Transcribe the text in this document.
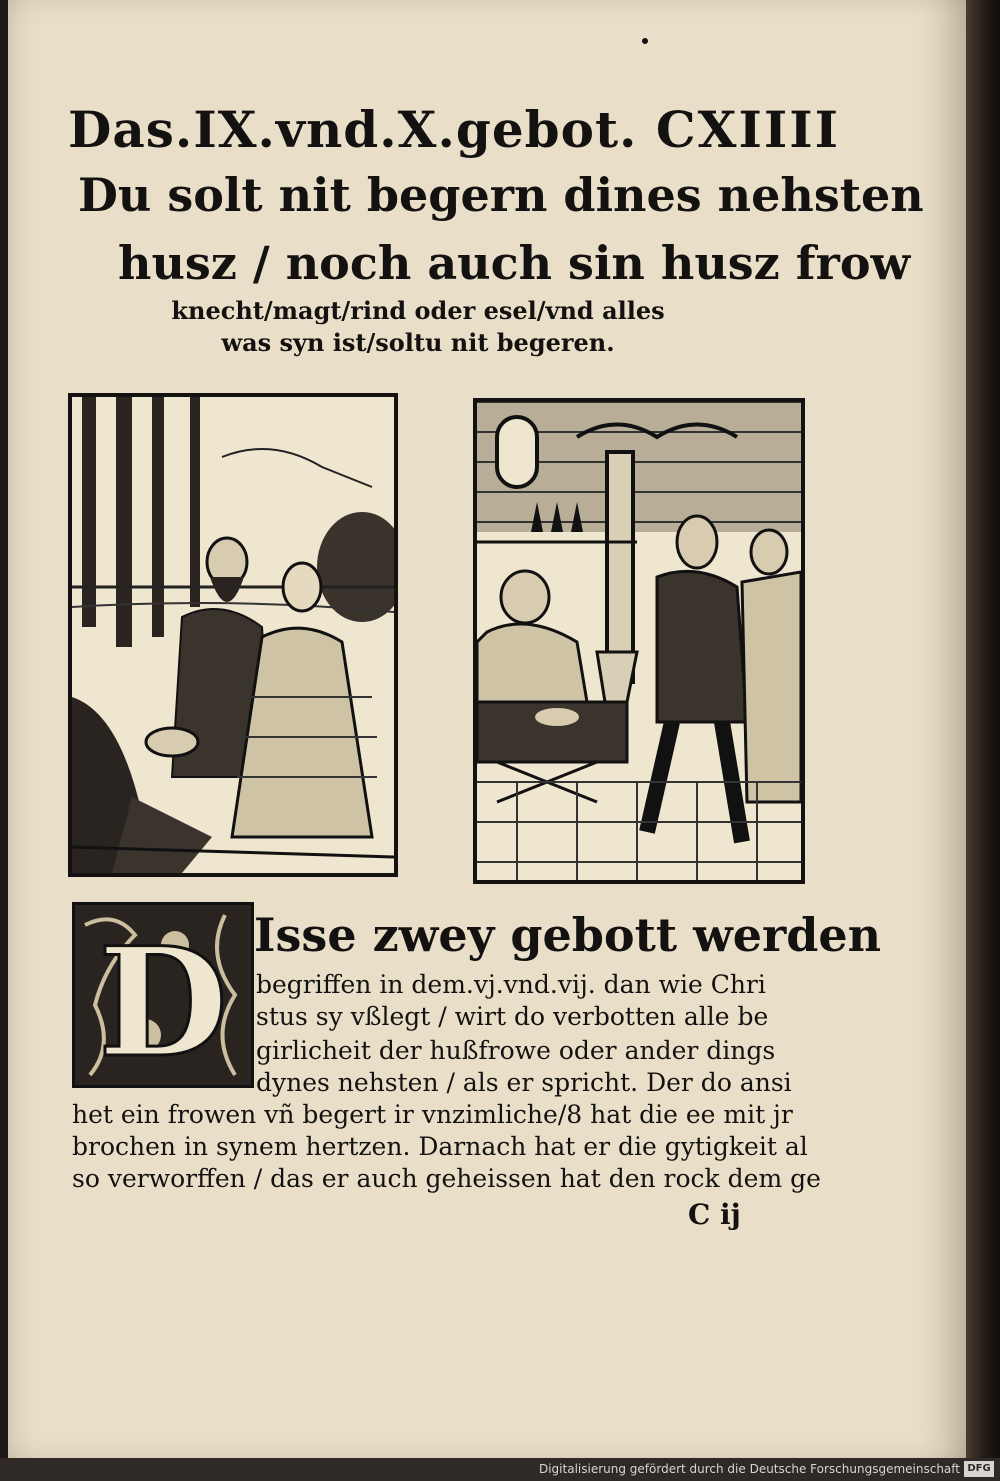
Das.IX.vnd.X.gebot. CXIIII
Du solt nit begern dines nehsten
husz / noch auch sin husz frow
knecht/magt/rind oder esel/vnd alles
was syn ist/soltu nit begeren.
D Isse zwey gebott werden
begriffen in dem.vj.vnd.vij. dan wie Chri
stus sy vßlegt / wirt do verbotten alle be
girlicheit der hußfrowe oder ander dings
dynes nehsten / als er spricht. Der do ansi
het ein frowen vñ begert ir vnzimliche/8 hat die ee mit jr
brochen in synem hertzen. Darnach hat er die gytigkeit al
so verworffen / das er auch geheissen hat den rock dem ge
C ij
Digitalisierung gefördert durch die Deutsche Forschungsgemeinschaft DFG
